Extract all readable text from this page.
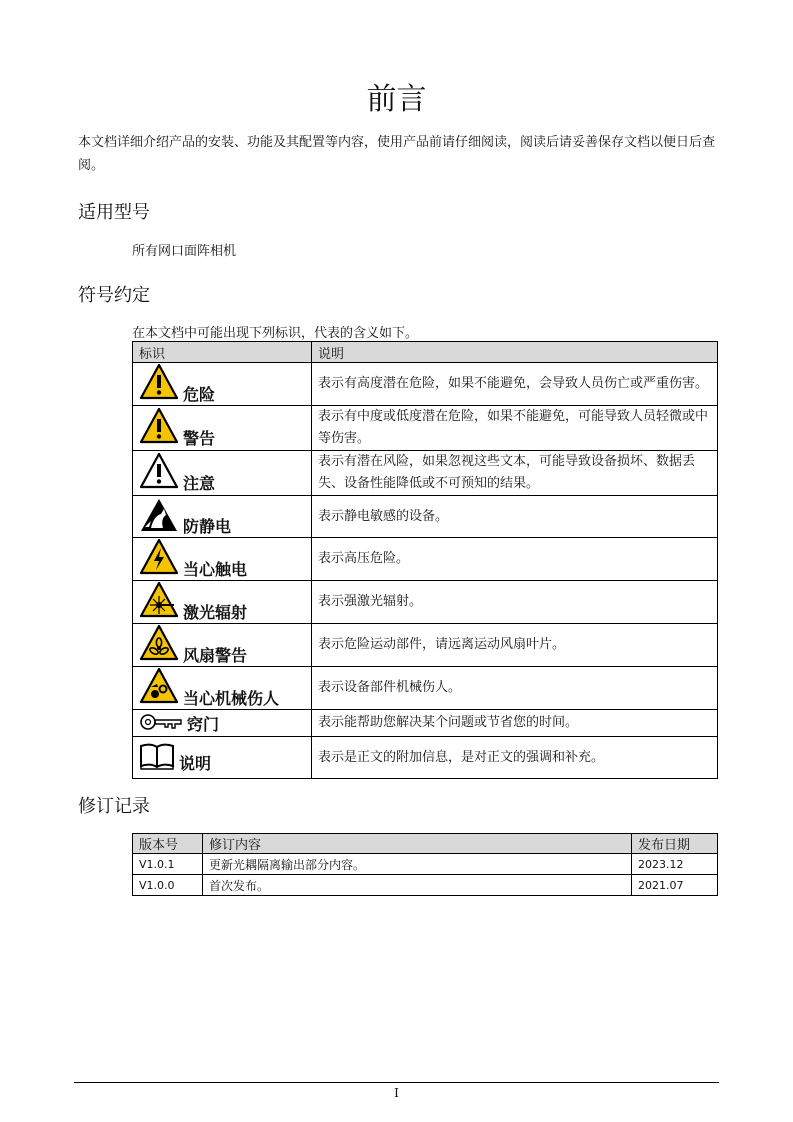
前言
本文档详细介绍产品的安装、功能及其配置等内容，使用产品前请仔细阅读，阅读后请妥善保存文档以便日后查阅。
适用型号
所有网口面阵相机
符号约定
在本文档中可能出现下列标识，代表的含义如下。
标识	说明

危险	表示有高度潜在危险，如果不能避免，会导致人员伤亡或严重伤害。

警告	表示有中度或低度潜在危险，如果不能避免，可能导致人员轻微或中等伤害。

注意	表示有潜在风险，如果忽视这些文本，可能导致设备损坏、数据丢失、设备性能降低或不可预知的结果。

防静电	表示静电敏感的设备。

当心触电	表示高压危险。

激光辐射	表示强激光辐射。

风扇警告	表示危险运动部件，请远离运动风扇叶片。

当心机械伤人	表示设备部件机械伤人。

窍门	表示能帮助您解决某个问题或节省您的时间。

说明	表示是正文的附加信息，是对正文的强调和补充。
修订记录
版本号	修订内容	发布日期
V1.0.1	更新光耦隔离输出部分内容。	2023.12
V1.0.0	首次发布。	2021.07
I
